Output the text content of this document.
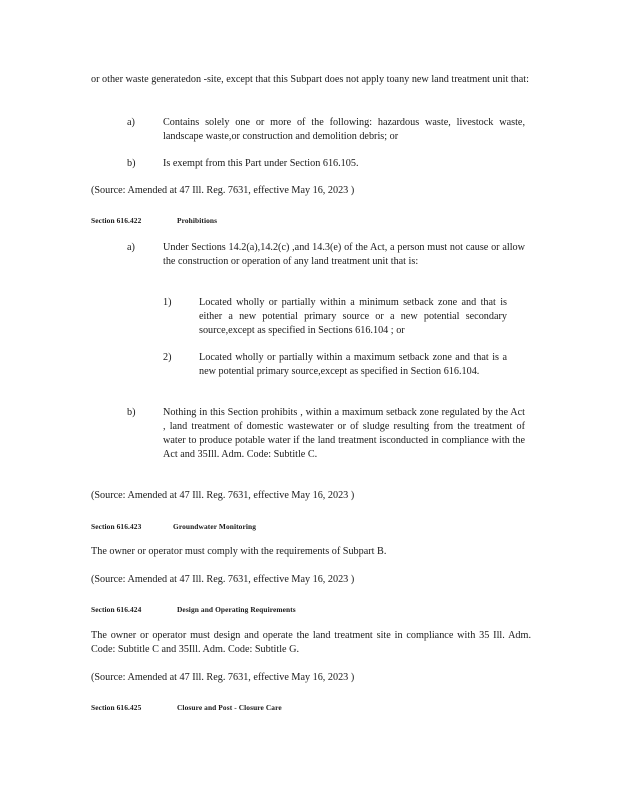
or other waste generatedon -site, except that this Subpart does not apply toany new land treatment unit that:

a)	Contains solely one or more of the following: hazardous waste, livestock waste, landscape waste,or construction and demolition debris; or

b)	Is exempt from this Part under Section 616.105.

(Source: Amended at 47 Ill. Reg. 7631, effective May 16, 2023 )

Section 616.422	Prohibitions
a)	Under Sections 14.2(a),14.2(c) ,and 14.3(e) of the Act, a person must not cause or allow the construction or operation of any land treatment unit that is:

1)	Located wholly or partially within a minimum setback zone and that is either a new potential primary source or a new potential secondary source,except as specified in Sections 616.104 ; or

2)	Located wholly or partially within a maximum setback zone and that is a new potential primary source,except as specified in Section 616.104.

b)	Nothing in this Section prohibits , within a maximum setback zone regulated by the Act , land treatment of domestic wastewater or of sludge resulting from the treatment of water to produce potable water if the land treatment isconducted in compliance with the Act and 35Ill. Adm. Code: Subtitle C.

(Source: Amended at 47 Ill. Reg. 7631, effective May 16, 2023 )

Section 616.423	Groundwater Monitoring

The owner or operator must comply with the requirements of Subpart B.

(Source: Amended at 47 Ill. Reg. 7631, effective May 16, 2023 )

Section 616.424	Design and Operating Requirements

The owner or operator must design and operate the land treatment site in compliance with 35 Ill. Adm. Code: Subtitle C and 35Ill. Adm. Code: Subtitle G.

(Source: Amended at 47 Ill. Reg. 7631, effective May 16, 2023 )

Section 616.425	Closure and Post - Closure Care
